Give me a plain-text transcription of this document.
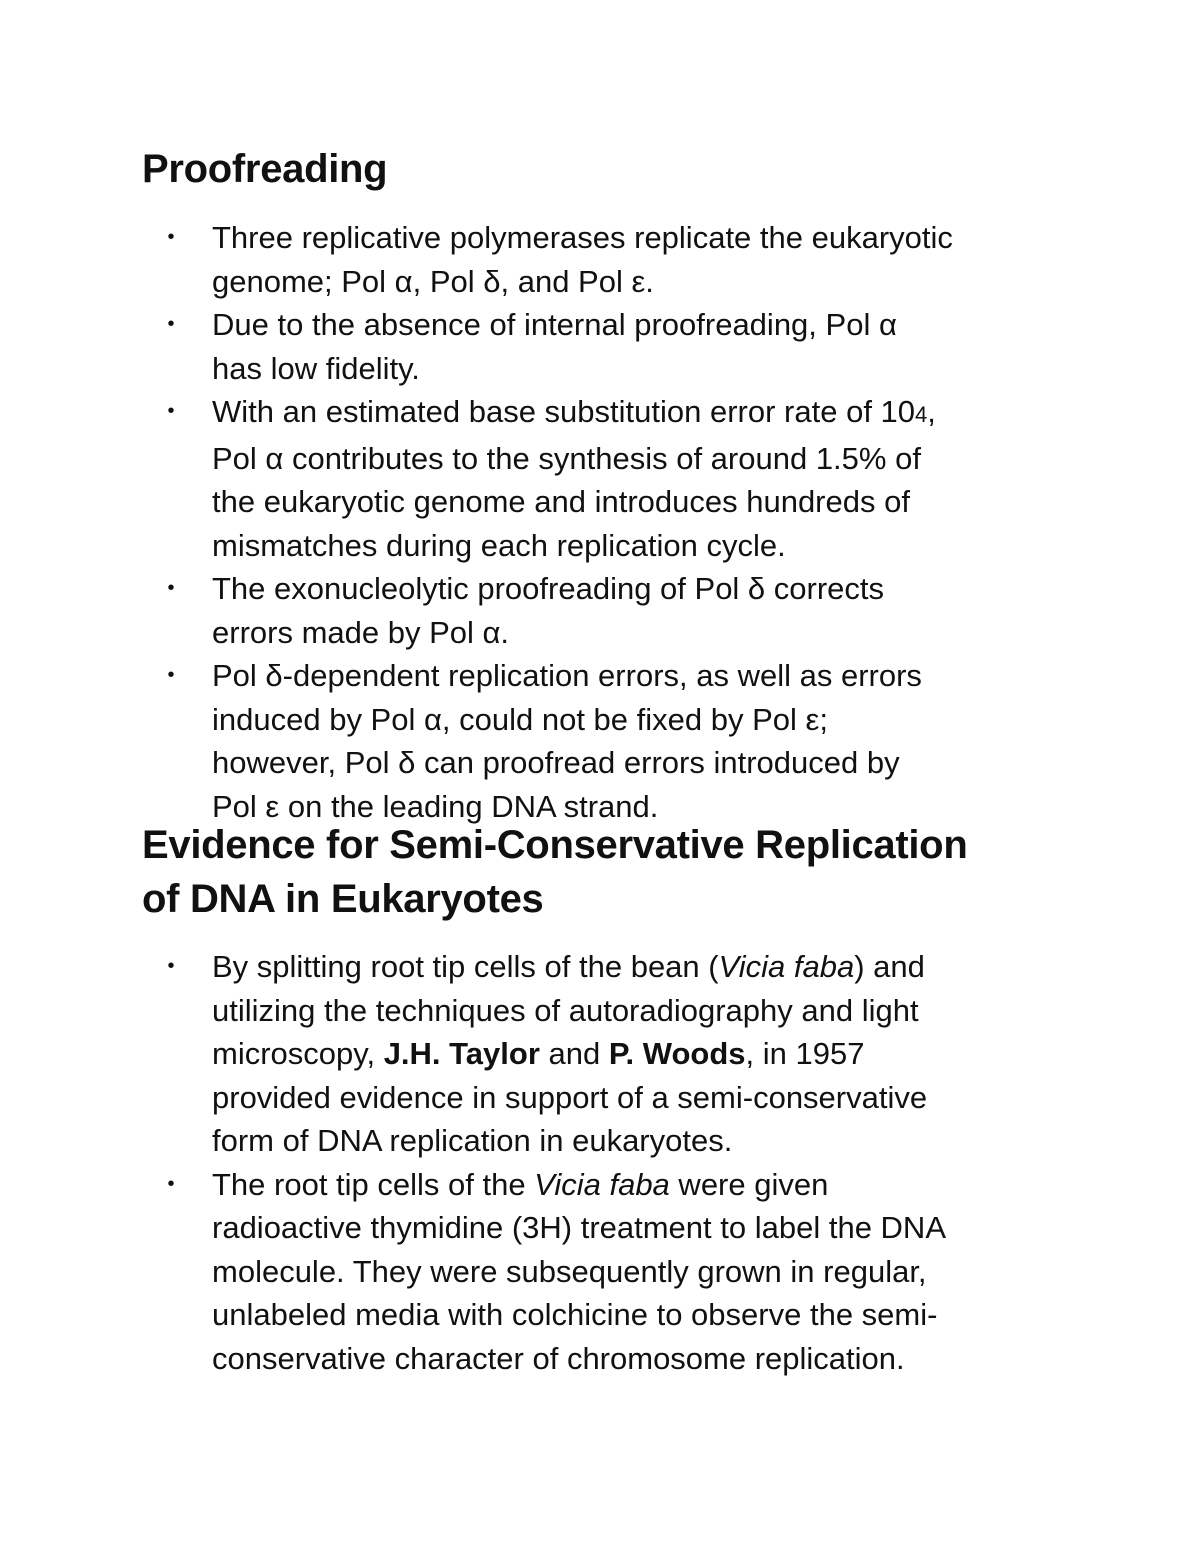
Proofreading
• Three replicative polymerases replicate the eukaryotic
genome; Pol α, Pol δ, and Pol ε.
• Due to the absence of internal proofreading, Pol α
has low fidelity.
• With an estimated base substitution error rate of 104,
Pol α contributes to the synthesis of around 1.5% of
the eukaryotic genome and introduces hundreds of
mismatches during each replication cycle.
• The exonucleolytic proofreading of Pol δ corrects
errors made by Pol α.
• Pol δ-dependent replication errors, as well as errors
induced by Pol α, could not be fixed by Pol ε;
however, Pol δ can proofread errors introduced by
Pol ε on the leading DNA strand.
Evidence for Semi-Conservative Replication
of DNA in Eukaryotes
• By splitting root tip cells of the bean (Vicia faba) and
utilizing the techniques of autoradiography and light
microscopy, J.H. Taylor and P. Woods, in 1957
provided evidence in support of a semi-conservative
form of DNA replication in eukaryotes.
• The root tip cells of the Vicia faba were given
radioactive thymidine (3H) treatment to label the DNA
molecule. They were subsequently grown in regular,
unlabeled media with colchicine to observe the semi-
conservative character of chromosome replication.
